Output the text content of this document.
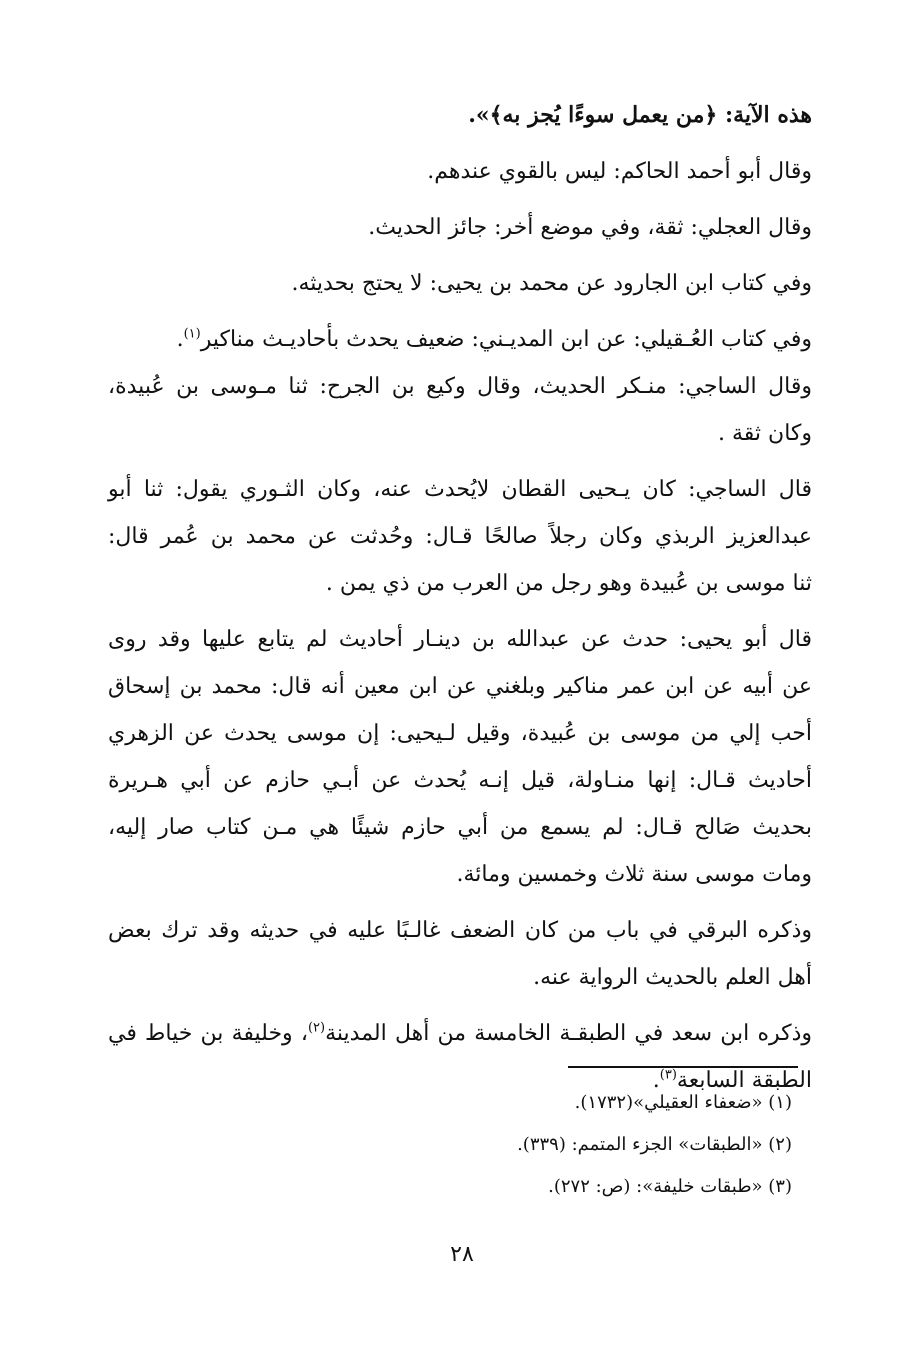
هذه الآية: ﴿من يعمل سوءًا يُجز به﴾».

وقال أبو أحمد الحاكم: ليس بالقوي عندهم.

وقال العجلي: ثقة، وفي موضع أخر: جائز الحديث.

وفي كتاب ابن الجارود عن محمد بن يحيى: لا يحتج بحديثه.

وفي كتاب العُـقيلي: عن ابن المديـني: ضعيف يحدث بأحاديـث مناكير$^{(١)}$.
وقال الساجي: منـكر الحديث، وقال وكيع بن الجرح: ثنا مـوسى بن عُبيدة،
وكان ثقة .

قال الساجي: كان يـحيى القطان لايُحدث عنه، وكان الثـوري يقول: ثنا أبو
عبدالعزيز الربذي وكان رجلاً صالحًا قـال: وحُدثت عن محمد بن عُمر قال:
ثنا موسى بن عُبيدة وهو رجل من العرب من ذي يمن .

قال أبو يحيى: حدث عن عبدالله بن دينـار أحاديث لم يتابع عليها وقد روى
عن أبيه عن ابن عمر مناكير وبلغني عن ابن معين أنه قال: محمد بن إسحاق
أحب إلي من موسى بن عُبيدة، وقيل لـيحيى: إن موسى يحدث عن الزهري
أحاديث قـال: إنها منـاولة، قيل إنـه يُحدث عن أبـي حازم عن أبي هـريرة
بحديث صَالح قـال: لم يسمع من أبي حازم شيئًا هي مـن كتاب صار إليه،
ومات موسى سنة ثلاث وخمسين ومائة.

وذكره البرقي في باب من كان الضعف غالـبًا عليه في حديثه وقد ترك بعض
أهل العلم بالحديث الرواية عنه.

وذكره ابن سعد في الطبقـة الخامسة من أهل المدينة$^{(٢)}$، وخليفة بن خياط في
الطبقة السابعة$^{(٣)}$.

(١) «ضعفاء العقيلي»(١٧٣٢).
(٢) «الطبقات» الجزء المتمم: (٣٣٩).
(٣) «طبقات خليفة»: (ص: ٢٧٢).
٢٨
